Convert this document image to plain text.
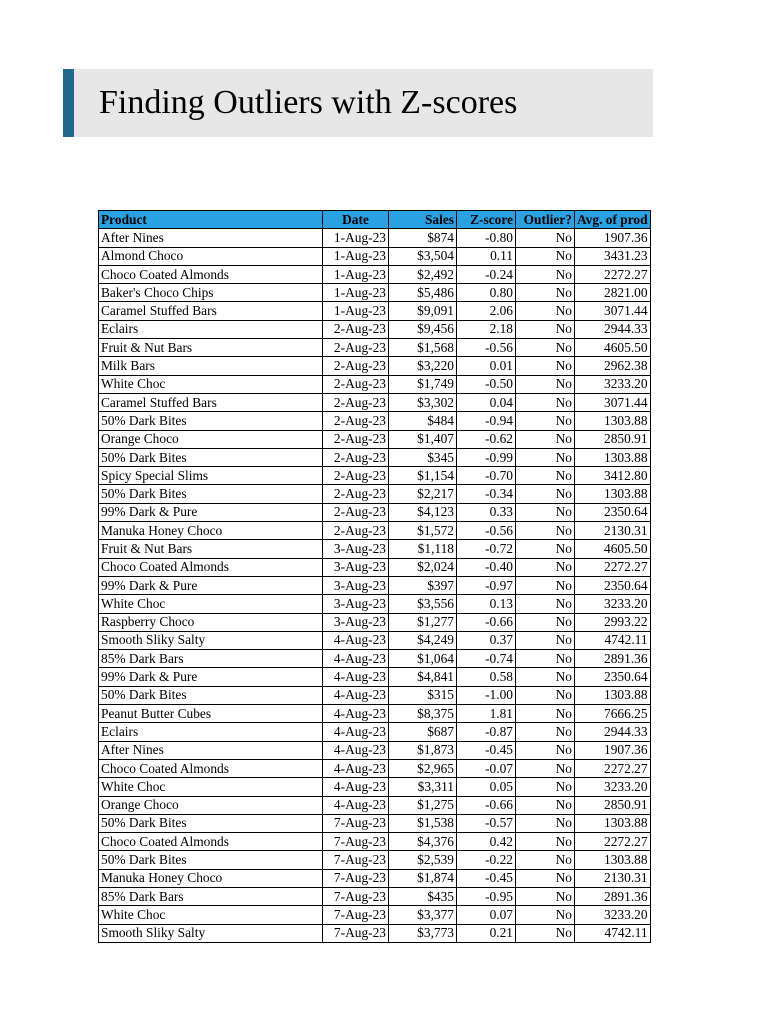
Finding Outliers with Z-scores
Product	Date	Sales	Z-score	Outlier?	Avg. of prod
After Nines	1-Aug-23	$874	-0.80	No	1907.36
Almond Choco	1-Aug-23	$3,504	0.11	No	3431.23
Choco Coated Almonds	1-Aug-23	$2,492	-0.24	No	2272.27
Baker's Choco Chips	1-Aug-23	$5,486	0.80	No	2821.00
Caramel Stuffed Bars	1-Aug-23	$9,091	2.06	No	3071.44
Eclairs	2-Aug-23	$9,456	2.18	No	2944.33
Fruit & Nut Bars	2-Aug-23	$1,568	-0.56	No	4605.50
Milk Bars	2-Aug-23	$3,220	0.01	No	2962.38
White Choc	2-Aug-23	$1,749	-0.50	No	3233.20
Caramel Stuffed Bars	2-Aug-23	$3,302	0.04	No	3071.44
50% Dark Bites	2-Aug-23	$484	-0.94	No	1303.88
Orange Choco	2-Aug-23	$1,407	-0.62	No	2850.91
50% Dark Bites	2-Aug-23	$345	-0.99	No	1303.88
Spicy Special Slims	2-Aug-23	$1,154	-0.70	No	3412.80
50% Dark Bites	2-Aug-23	$2,217	-0.34	No	1303.88
99% Dark & Pure	2-Aug-23	$4,123	0.33	No	2350.64
Manuka Honey Choco	2-Aug-23	$1,572	-0.56	No	2130.31
Fruit & Nut Bars	3-Aug-23	$1,118	-0.72	No	4605.50
Choco Coated Almonds	3-Aug-23	$2,024	-0.40	No	2272.27
99% Dark & Pure	3-Aug-23	$397	-0.97	No	2350.64
White Choc	3-Aug-23	$3,556	0.13	No	3233.20
Raspberry Choco	3-Aug-23	$1,277	-0.66	No	2993.22
Smooth Sliky Salty	4-Aug-23	$4,249	0.37	No	4742.11
85% Dark Bars	4-Aug-23	$1,064	-0.74	No	2891.36
99% Dark & Pure	4-Aug-23	$4,841	0.58	No	2350.64
50% Dark Bites	4-Aug-23	$315	-1.00	No	1303.88
Peanut Butter Cubes	4-Aug-23	$8,375	1.81	No	7666.25
Eclairs	4-Aug-23	$687	-0.87	No	2944.33
After Nines	4-Aug-23	$1,873	-0.45	No	1907.36
Choco Coated Almonds	4-Aug-23	$2,965	-0.07	No	2272.27
White Choc	4-Aug-23	$3,311	0.05	No	3233.20
Orange Choco	4-Aug-23	$1,275	-0.66	No	2850.91
50% Dark Bites	7-Aug-23	$1,538	-0.57	No	1303.88
Choco Coated Almonds	7-Aug-23	$4,376	0.42	No	2272.27
50% Dark Bites	7-Aug-23	$2,539	-0.22	No	1303.88
Manuka Honey Choco	7-Aug-23	$1,874	-0.45	No	2130.31
85% Dark Bars	7-Aug-23	$435	-0.95	No	2891.36
White Choc	7-Aug-23	$3,377	0.07	No	3233.20
Smooth Sliky Salty	7-Aug-23	$3,773	0.21	No	4742.11
